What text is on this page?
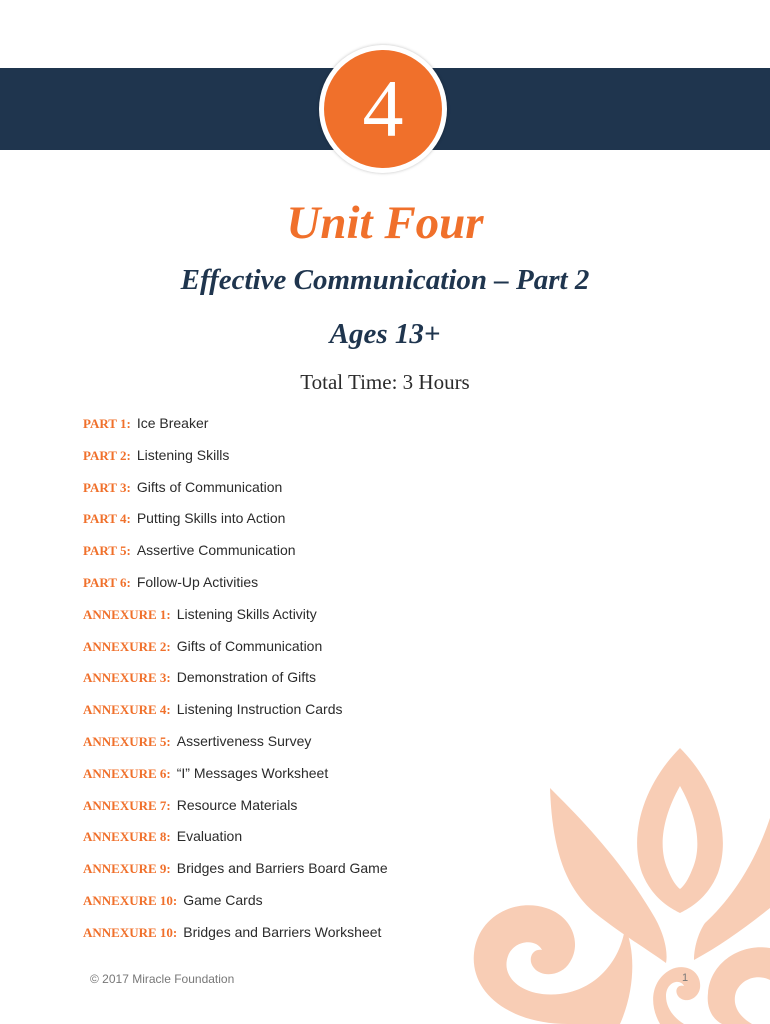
4
Unit Four
Effective Communication – Part 2
Ages 13+
Total Time: 3 Hours
PART 1: Ice Breaker
PART 2: Listening Skills
PART 3: Gifts of Communication
PART 4: Putting Skills into Action
PART 5: Assertive Communication
PART 6: Follow-Up Activities
ANNEXURE 1: Listening Skills Activity
ANNEXURE 2: Gifts of Communication
ANNEXURE 3: Demonstration of Gifts
ANNEXURE 4: Listening Instruction Cards
ANNEXURE 5: Assertiveness Survey
ANNEXURE 6: “I” Messages Worksheet
ANNEXURE 7: Resource Materials
ANNEXURE 8: Evaluation
ANNEXURE 9: Bridges and Barriers Board Game
ANNEXURE 10: Game Cards
ANNEXURE 10: Bridges and Barriers Worksheet
© 2017 Miracle Foundation	1
